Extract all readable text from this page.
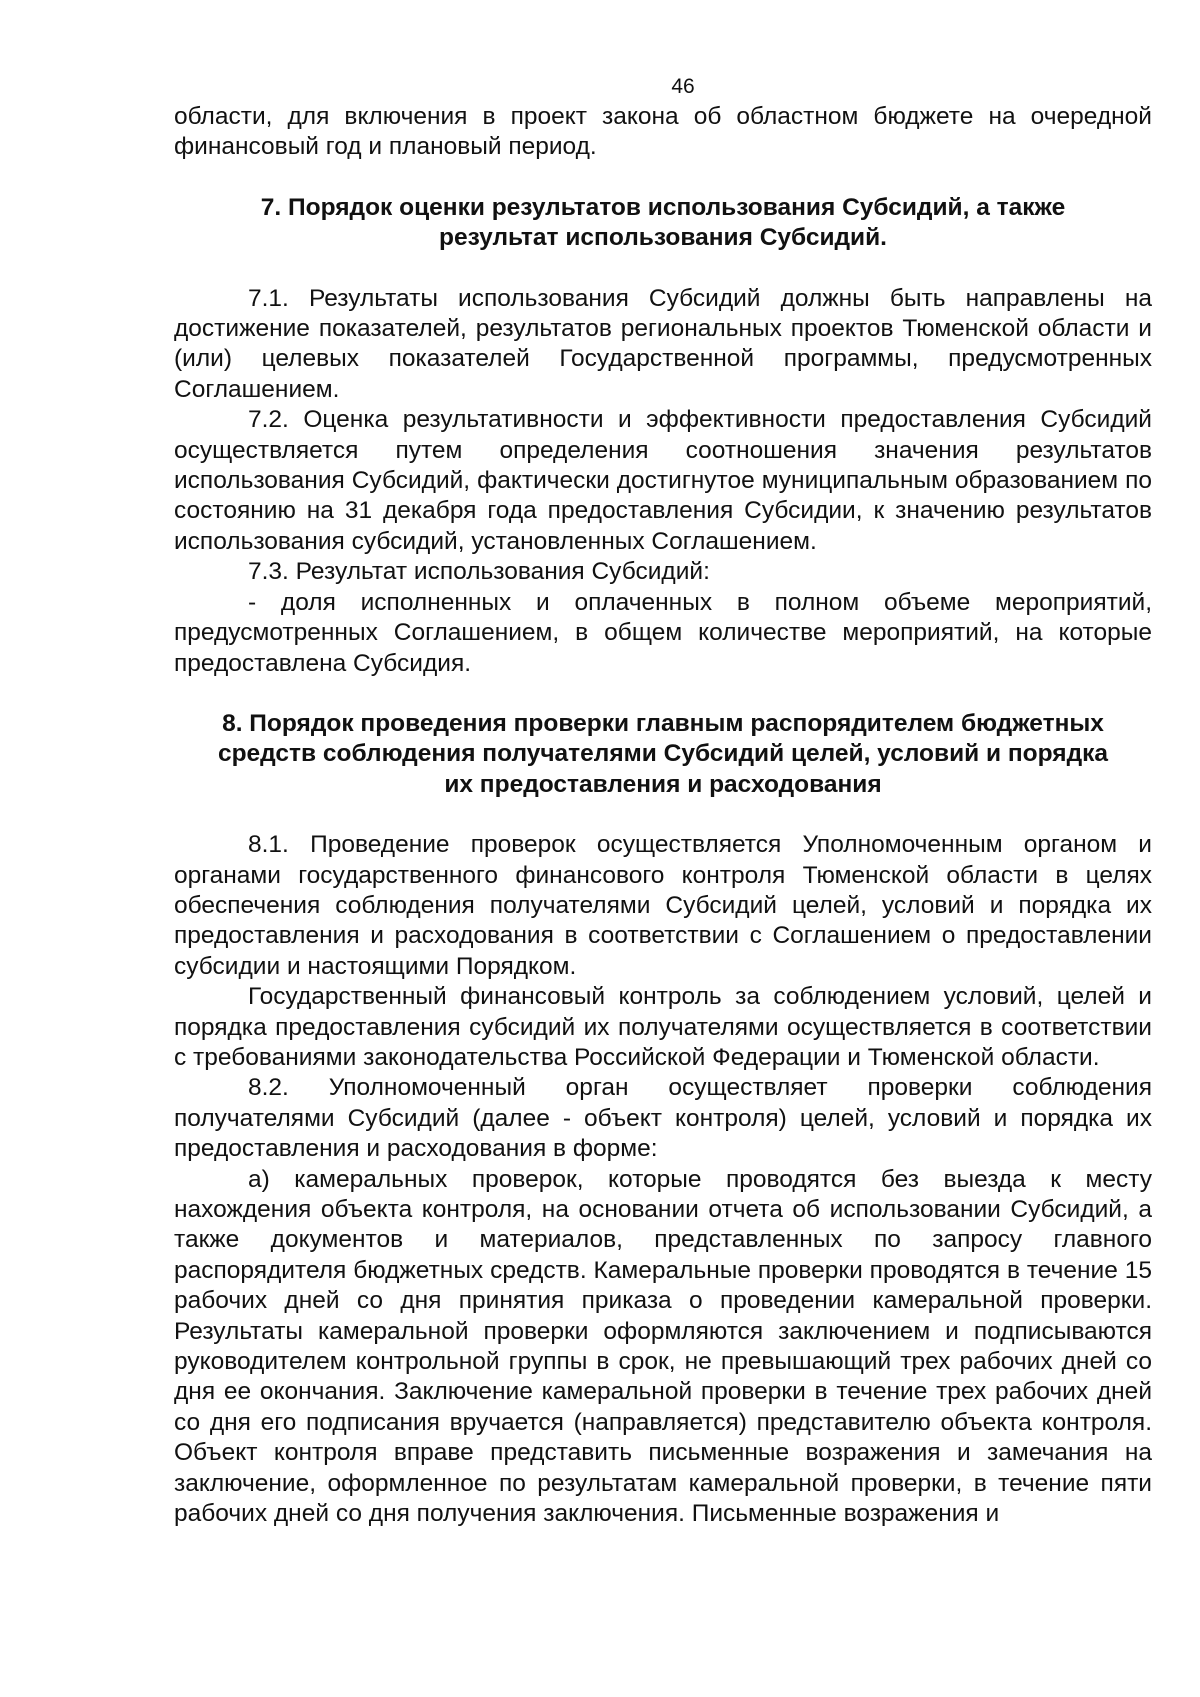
46

области, для включения в проект закона об областном бюджете на очередной финансовый год и плановый период.

7. Порядок оценки результатов использования Субсидий, а также
результат использования Субсидий.

7.1. Результаты использования Субсидий должны быть направлены на достижение показателей, результатов региональных проектов Тюменской области и (или) целевых показателей Государственной программы, предусмотренных Соглашением.

7.2. Оценка результативности и эффективности предоставления Субсидий осуществляется путем определения соотношения значения результатов использования Субсидий, фактически достигнутое муниципальным образованием по состоянию на 31 декабря года предоставления Субсидии, к значению результатов использования субсидий, установленных Соглашением.

7.3. Результат использования Субсидий:

- доля исполненных и оплаченных в полном объеме мероприятий, предусмотренных Соглашением, в общем количестве мероприятий, на которые предоставлена Субсидия.

8. Порядок проведения проверки главным распорядителем бюджетных
средств соблюдения получателями Субсидий целей, условий и порядка
их предоставления и расходования

8.1. Проведение проверок осуществляется Уполномоченным органом и органами государственного финансового контроля Тюменской области в целях обеспечения соблюдения получателями Субсидий целей, условий и порядка их предоставления и расходования в соответствии с Соглашением о предоставлении субсидии и настоящими Порядком.

Государственный финансовый контроль за соблюдением условий, целей и порядка предоставления субсидий их получателями осуществляется в соответствии с требованиями законодательства Российской Федерации и Тюменской области.

8.2. Уполномоченный орган осуществляет проверки соблюдения получателями Субсидий (далее - объект контроля) целей, условий и порядка их предоставления и расходования в форме:

а) камеральных проверок, которые проводятся без выезда к месту нахождения объекта контроля, на основании отчета об использовании Субсидий, а также документов и материалов, представленных по запросу главного распорядителя бюджетных средств. Камеральные проверки проводятся в течение 15 рабочих дней со дня принятия приказа о проведении камеральной проверки. Результаты камеральной проверки оформляются заключением и подписываются руководителем контрольной группы в срок, не превышающий трех рабочих дней со дня ее окончания. Заключение камеральной проверки в течение трех рабочих дней со дня его подписания вручается (направляется) представителю объекта контроля. Объект контроля вправе представить письменные возражения и замечания на заключение, оформленное по результатам камеральной проверки, в течение пяти рабочих дней со дня получения заключения. Письменные возражения и
